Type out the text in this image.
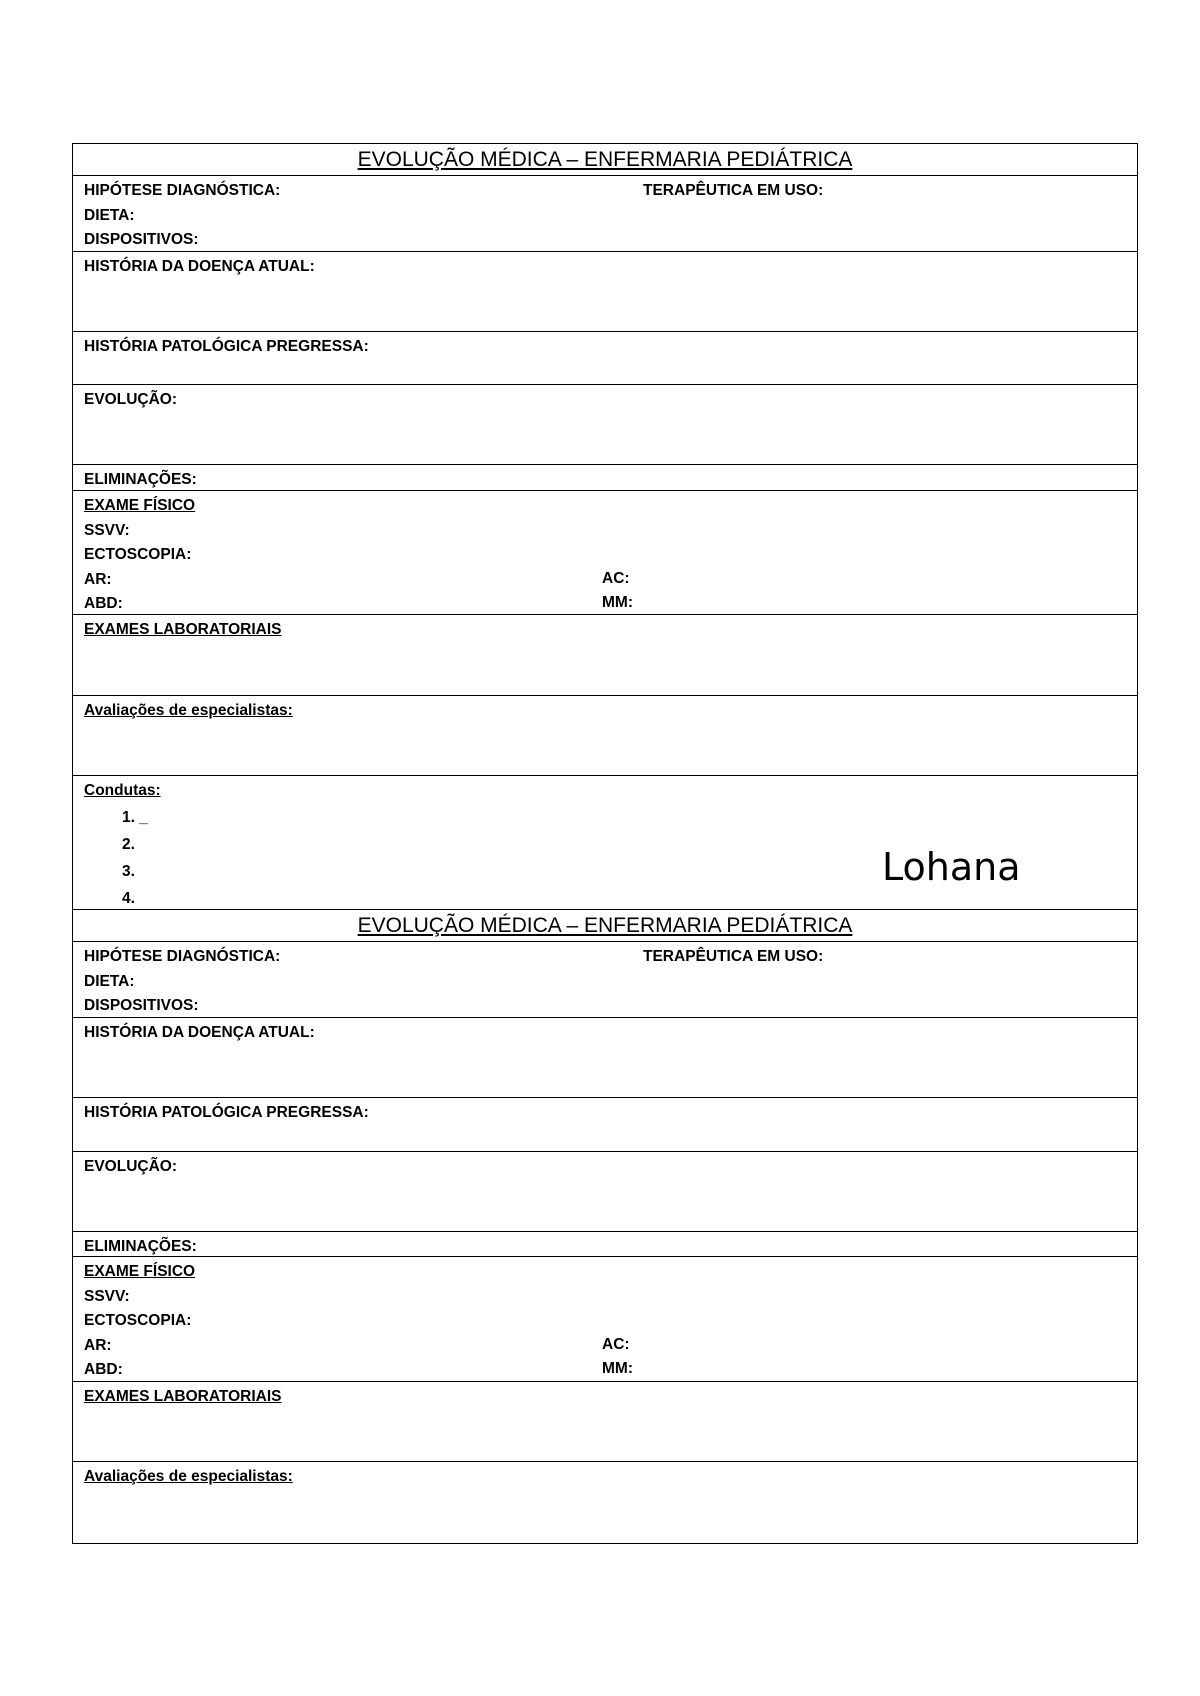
EVOLUÇÃO MÉDICA – ENFERMARIA PEDIÁTRICA
HIPÓTESE DIAGNÓSTICA:	TERAPÊUTICA EM USO:
DIETA:
DISPOSITIVOS:
HISTÓRIA DA DOENÇA ATUAL:
HISTÓRIA PATOLÓGICA PREGRESSA:
EVOLUÇÃO:
ELIMINAÇÕES:
EXAME FÍSICO
SSVV:
ECTOSCOPIA:
AR:	AC:
ABD:	MM:
EXAMES LABORATORIAIS
Avaliações de especialistas:
Condutas:
1. _
2.
3.
4.
Lohana
EVOLUÇÃO MÉDICA – ENFERMARIA PEDIÁTRICA
HIPÓTESE DIAGNÓSTICA:	TERAPÊUTICA EM USO:
DIETA:
DISPOSITIVOS:
HISTÓRIA DA DOENÇA ATUAL:
HISTÓRIA PATOLÓGICA PREGRESSA:
EVOLUÇÃO:
ELIMINAÇÕES:
EXAME FÍSICO
SSVV:
ECTOSCOPIA:
AR:	AC:
ABD:	MM:
EXAMES LABORATORIAIS
Avaliações de especialistas:
